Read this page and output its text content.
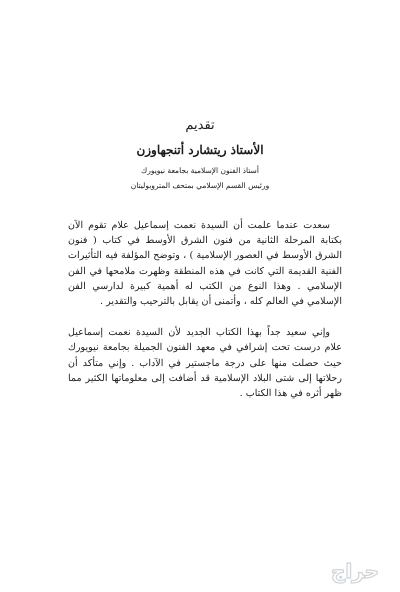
تقديم
الأستاذ ريتشارد أتنجهاوزن
أستاذ الفنون الإسلامية بجامعة نيويورك
ورئيس القسم الإسلامي بمتحف المتروبوليتان

سعدت عندما علمت أن السيدة نعمت إسماعيل علام تقوم الآن بكتابة المرحلة الثانية من فنون الشرق الأوسط في كتاب ( فنون الشرق الأوسط في العصور الإسلامية ) ، وتوضح المؤلفة فيه التأثيرات الفنية القديمة التي كانت في هذه المنطقة وظهرت ملامحها في الفن الإسلامي . وهذا النوع من الكتب له أهمية كبيرة لدارسي الفن الإسلامي في العالم كله ، وأتمنى أن يقابل بالترحيب والتقدير .

وإني سعيد جداً بهذا الكتاب الجديد لأن السيدة نعمت إسماعيل علام درست تحت إشرافي في معهد الفنون الجميلة بجامعة نيويورك حيث حصلت منها على درجة ماجستير في الآداب . وإني متأكد أن رحلاتها إلى شتى البلاد الإسلامية قد أضافت إلى معلوماتها الكثير مما ظهر أثره في هذا الكتاب .

حراج
